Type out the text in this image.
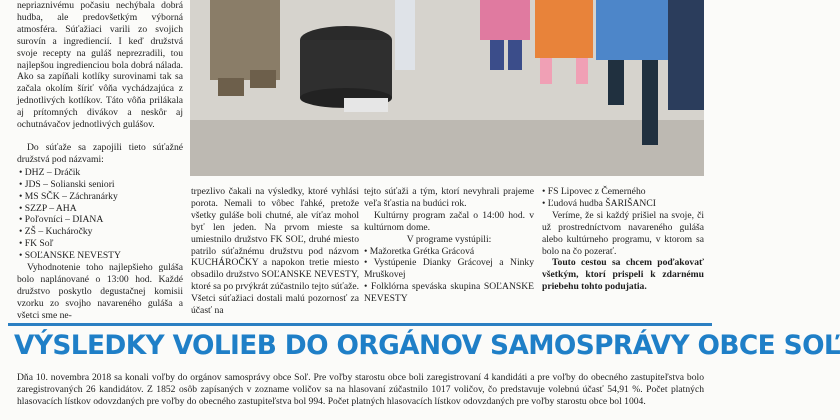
nepriaznivému počasiu nechýbala dobrá hudba, ale predovšetkým výborná atmosféra. Súťažiaci varili zo svojich surovín a ingrediencií. I keď družstvá svoje recepty na guláš neprezradili, tou najlepšou ingredienciou bola dobrá nálada. Ako sa zapíňali kotlíky surovinami tak sa začala okolím šíriť vôňa vychádzajúca z jednotlivých kotlíkov. Táto vôňa prilákala aj prítomných divákov a neskôr aj ochutnávačov jednotlivých gulášov.

Do súťaže sa zapojili tieto súťažné družstvá pod názvami:

• DHZ – Dráčik
• JDS – Solianski seniori
• MS SČK – Záchranárky
• SZZP – AHA
• Poľovníci – DIANA
• ZŠ – Kucháročky
• FK Soľ
• SOĽANSKE NEVESTY

Vyhodnotenie toho najlepšieho guláša bolo naplánované o 13:00 hod. Každé družstvo poskytlo degustačnej komisii vzorku zo svojho navareného guláša a všetci sme ne-

trpezlivo čakali na výsledky, ktoré vyhlási porota. Nemali to vôbec ľahké, pretože všetky guláše boli chutné, ale víťaz mohol byť len jeden. Na prvom mieste sa umiestnilo družstvo FK SOĽ, druhé miesto patrilo súťažnému družstvu pod názvom KUCHÁROČKY a napokon tretie miesto obsadilo družstvo SOĽANSKE NEVESTY, ktoré sa po prvýkrát zúčastnilo tejto súťaže. Všetci súťažiaci dostali malú pozornosť za účasť na

tejto súťaži a tým, ktorí nevyhrali prajeme veľa šťastia na budúci rok.

Kultúrny program začal o 14:00 hod. v kultúrnom dome.

V programe vystúpili:

• Mažoretka Grétka Grácová
• Vystúpenie Dianky Grácovej a Ninky Mruškovej
• Folklórna speváska skupina SOĽANSKE NEVESTY
• FS Lipovec z Čemerného
• Ľudová hudba ŠARIŠANCI

Veríme, že si každý prišiel na svoje, či už prostredníctvom navareného guláša alebo kultúrneho programu, v ktorom sa bolo na čo pozerať.

Touto cestou sa chcem poďakovať všetkým, ktorí prispeli k zdarnému priebehu tohto podujatia.

VÝSLEDKY VOLIEB DO ORGÁNOV SAMOSPRÁVY OBCE SOĽ

Dňa 10. novembra 2018 sa konali voľby do orgánov samosprávy obce Soľ. Pre voľby starostu obce boli zaregistrovaní 4 kandidáti a pre voľby do obecného zastupiteľstva bolo zaregistrovaných 26 kandidátov. Z 1852 osôb zapísaných v zozname voličov sa na hlasovaní zúčastnilo 1017 voličov, čo predstavuje volebnú účasť 54,91 %. Počet platných hlasovacích lístkov odovzdaných pre voľby do obecného zastupiteľstva bol 994. Počet platných hlasovacích lístkov odovzdaných pre voľby starostu obce bol 1004.
